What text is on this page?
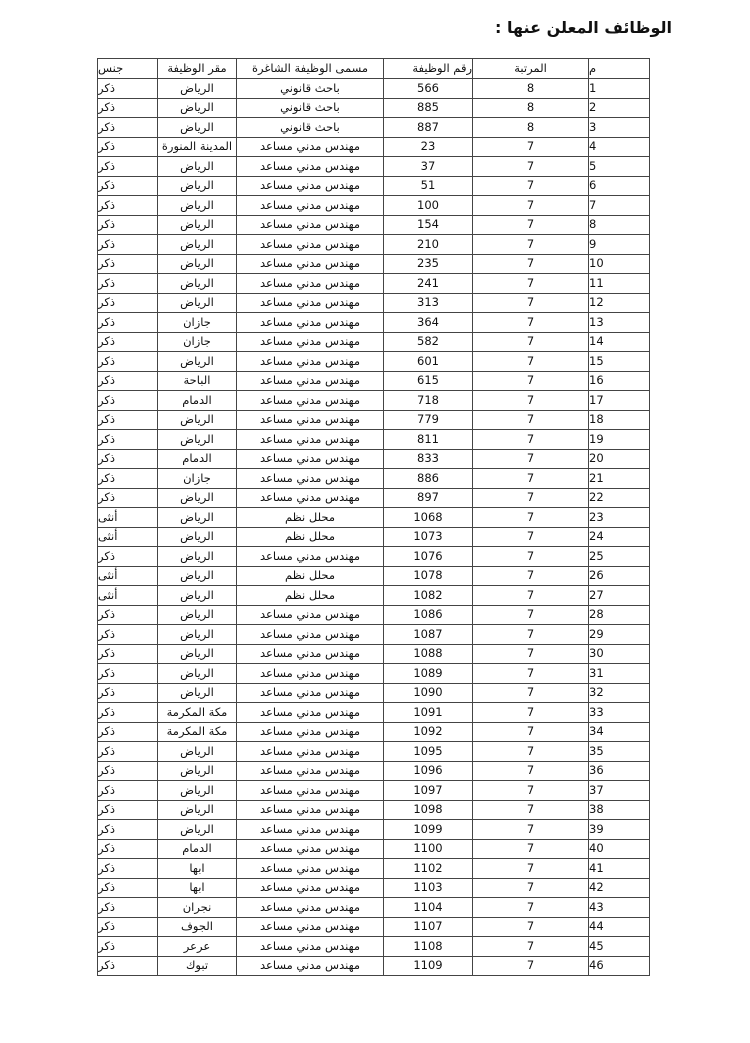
الوظائف المعلن عنها :
م	المرتبة	رقم الوظيفة	مسمى الوظيفة الشاغرة	مقر الوظيفة	جنس
1	8	566	باحث قانوني	الرياض	ذكر
2	8	885	باحث قانوني	الرياض	ذكر
3	8	887	باحث قانوني	الرياض	ذكر
4	7	23	مهندس مدني مساعد	المدينة المنورة	ذكر
5	7	37	مهندس مدني مساعد	الرياض	ذكر
6	7	51	مهندس مدني مساعد	الرياض	ذكر
7	7	100	مهندس مدني مساعد	الرياض	ذكر
8	7	154	مهندس مدني مساعد	الرياض	ذكر
9	7	210	مهندس مدني مساعد	الرياض	ذكر
10	7	235	مهندس مدني مساعد	الرياض	ذكر
11	7	241	مهندس مدني مساعد	الرياض	ذكر
12	7	313	مهندس مدني مساعد	الرياض	ذكر
13	7	364	مهندس مدني مساعد	جازان	ذكر
14	7	582	مهندس مدني مساعد	جازان	ذكر
15	7	601	مهندس مدني مساعد	الرياض	ذكر
16	7	615	مهندس مدني مساعد	الباحة	ذكر
17	7	718	مهندس مدني مساعد	الدمام	ذكر
18	7	779	مهندس مدني مساعد	الرياض	ذكر
19	7	811	مهندس مدني مساعد	الرياض	ذكر
20	7	833	مهندس مدني مساعد	الدمام	ذكر
21	7	886	مهندس مدني مساعد	جازان	ذكر
22	7	897	مهندس مدني مساعد	الرياض	ذكر
23	7	1068	محلل نظم	الرياض	أنثى
24	7	1073	محلل نظم	الرياض	أنثى
25	7	1076	مهندس مدني مساعد	الرياض	ذكر
26	7	1078	محلل نظم	الرياض	أنثى
27	7	1082	محلل نظم	الرياض	أنثى
28	7	1086	مهندس مدني مساعد	الرياض	ذكر
29	7	1087	مهندس مدني مساعد	الرياض	ذكر
30	7	1088	مهندس مدني مساعد	الرياض	ذكر
31	7	1089	مهندس مدني مساعد	الرياض	ذكر
32	7	1090	مهندس مدني مساعد	الرياض	ذكر
33	7	1091	مهندس مدني مساعد	مكة المكرمة	ذكر
34	7	1092	مهندس مدني مساعد	مكة المكرمة	ذكر
35	7	1095	مهندس مدني مساعد	الرياض	ذكر
36	7	1096	مهندس مدني مساعد	الرياض	ذكر
37	7	1097	مهندس مدني مساعد	الرياض	ذكر
38	7	1098	مهندس مدني مساعد	الرياض	ذكر
39	7	1099	مهندس مدني مساعد	الرياض	ذكر
40	7	1100	مهندس مدني مساعد	الدمام	ذكر
41	7	1102	مهندس مدني مساعد	ابها	ذكر
42	7	1103	مهندس مدني مساعد	ابها	ذكر
43	7	1104	مهندس مدني مساعد	نجران	ذكر
44	7	1107	مهندس مدني مساعد	الجوف	ذكر
45	7	1108	مهندس مدني مساعد	عرعر	ذكر
46	7	1109	مهندس مدني مساعد	تبوك	ذكر
